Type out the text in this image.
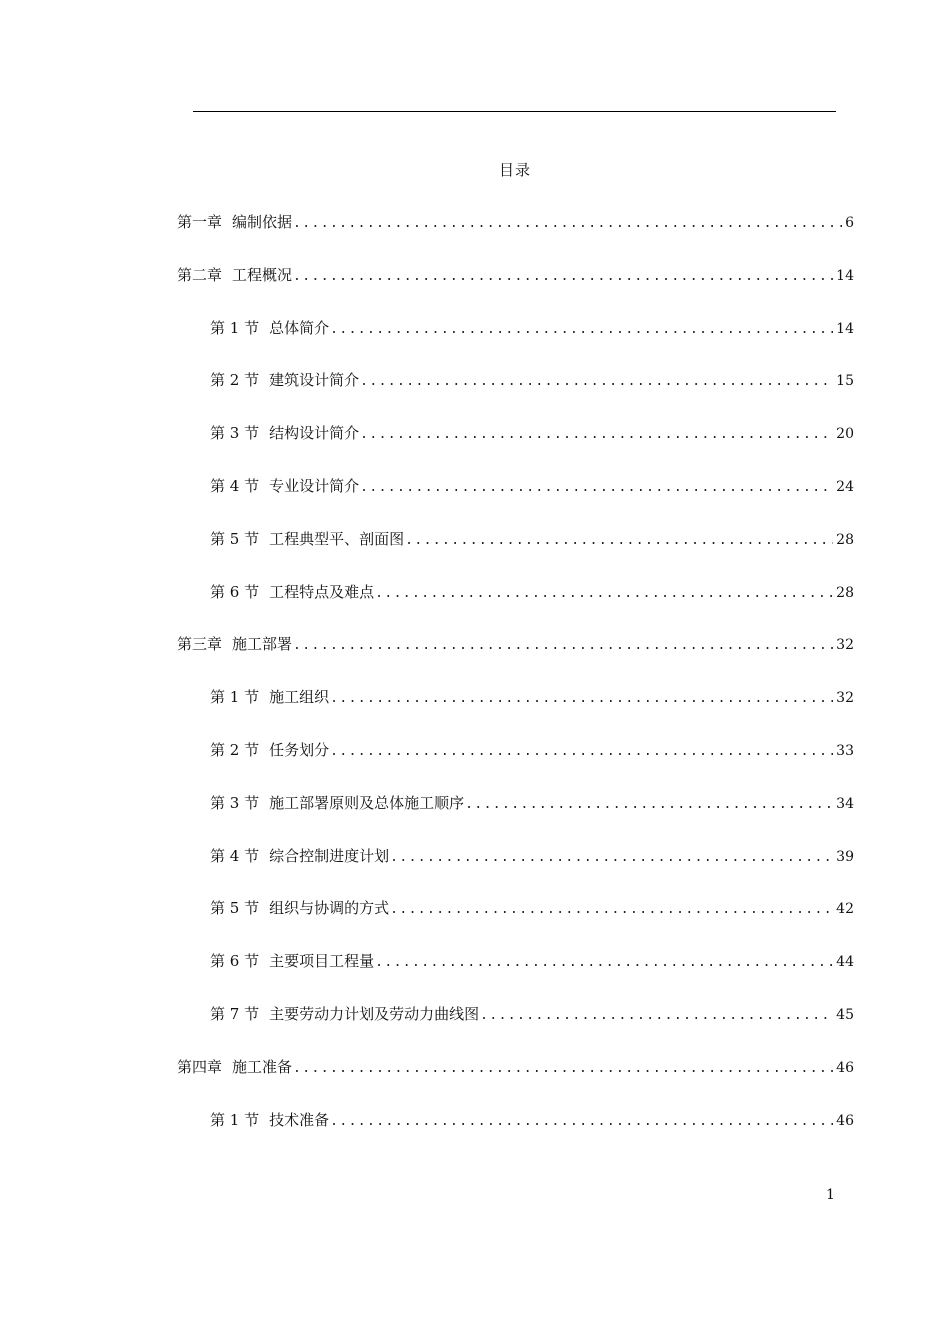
目录
第一章 编制依据 .....	6
第二章 工程概况 .....	14
第 1 节 总体简介 .....	14
第 2 节 建筑设计简介 .....	15
第 3 节 结构设计简介 .....	20
第 4 节 专业设计简介 .....	24
第 5 节 工程典型平、剖面图 .....	28
第 6 节 工程特点及难点 .....	28
第三章 施工部署 .....	32
第 1 节 施工组织 .....	32
第 2 节 任务划分 .....	33
第 3 节 施工部署原则及总体施工顺序 .....	34
第 4 节 综合控制进度计划 .....	39
第 5 节 组织与协调的方式 .....	42
第 6 节 主要项目工程量 .....	44
第 7 节 主要劳动力计划及劳动力曲线图 .....	45
第四章 施工准备 .....	46
第 1 节 技术准备 .....	46
1
